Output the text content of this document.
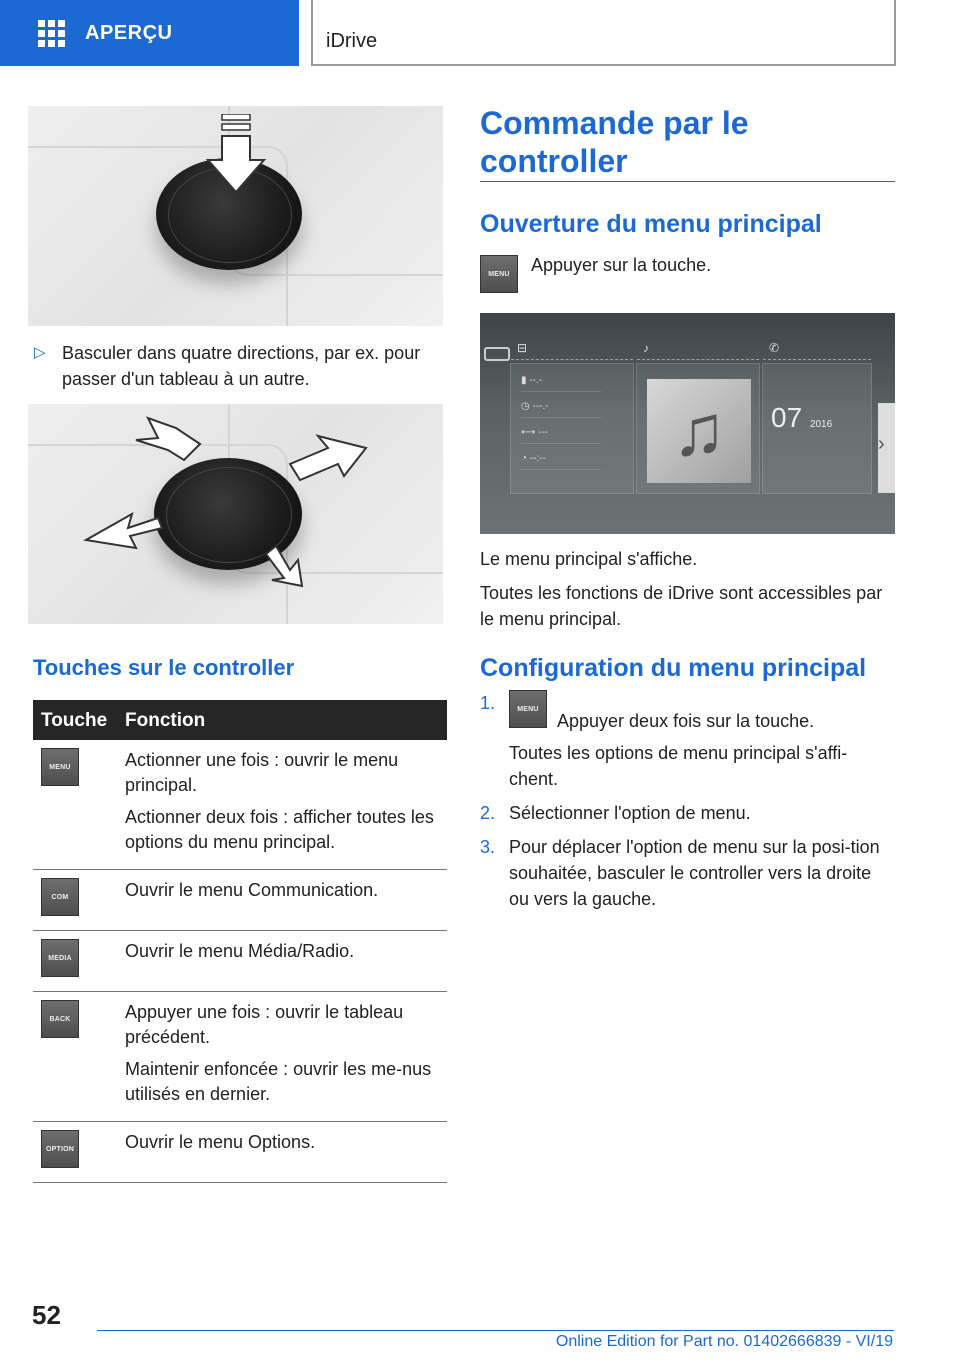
APERÇU	iDrive
▷ Basculer dans quatre directions, par ex. pour passer d'un tableau à un autre.
Touches sur le controller
Touche	Fonction
MENU	Actionner une fois : ouvrir le menu principal.

Actionner deux fois : afficher toutes les options du menu principal.

COM	Ouvrir le menu Communication.

MEDIA	Ouvrir le menu Média/Radio.

BACK	Appuyer une fois : ouvrir le tableau précédent.

Maintenir enfoncée : ouvrir les me‐nus utilisés en dernier.

OPTION	Ouvrir le menu Options.

Commande par le controller
Ouverture du menu principal
MENU	Appuyer sur la touche.

⊟
▮ --.-
◷ ---.-
⟷ ---
◔ --:--
♪
♫
✆
07 2016
›

Le menu principal s'affiche.

Toutes les fonctions de iDrive sont accessibles par le menu principal.

Configuration du menu principal
1.	MENU
Appuyer deux fois sur la touche.

Toutes les options de menu principal s'affi‐chent.

2. Sélectionner l'option de menu.

3. Pour déplacer l'option de menu sur la posi‐tion souhaitée, basculer le controller vers la droite ou vers la gauche.

52
Online Edition for Part no. 01402666839 - VI/19
